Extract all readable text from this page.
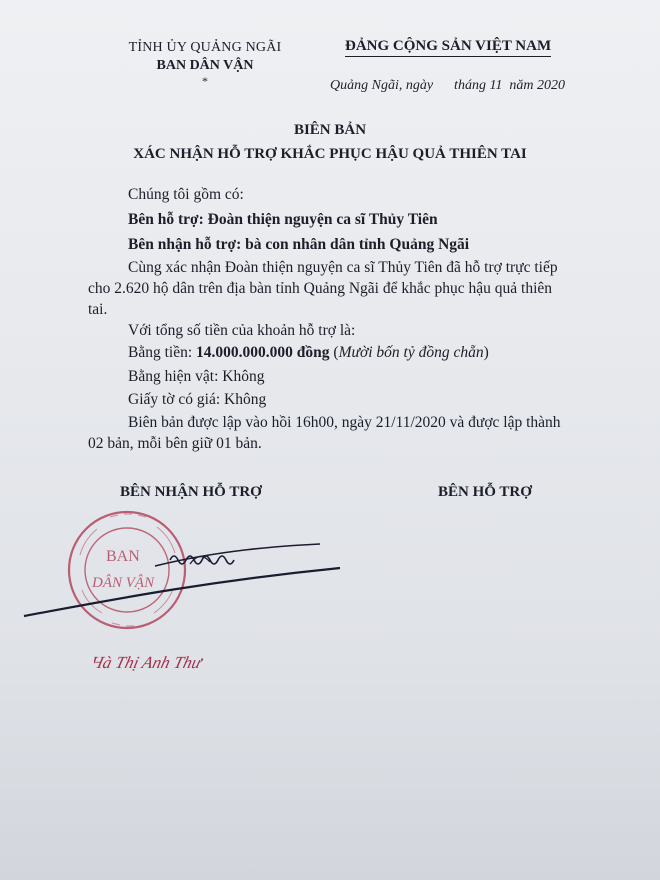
TỈNH ỦY QUẢNG NGÃI
BAN DÂN VẬN
*
ĐẢNG CỘNG SẢN VIỆT NAM
Quảng Ngãi, ngày      tháng 11  năm 2020
BIÊN BẢN
XÁC NHẬN HỖ TRỢ KHẮC PHỤC HẬU QUẢ THIÊN TAI
Chúng tôi gồm có:
Bên hỗ trợ: Đoàn thiện nguyện ca sĩ Thủy Tiên
Bên nhận hỗ trợ: bà con nhân dân tỉnh Quảng Ngãi
Cùng xác nhận Đoàn thiện nguyện ca sĩ Thủy Tiên đã hỗ trợ trực tiếp
cho 2.620 hộ dân trên địa bàn tỉnh Quảng Ngãi để khắc phục hậu quả thiên
tai.
Với tổng số tiền của khoản hỗ trợ là:
Bằng tiền: 14.000.000.000 đồng (Mười bốn tỷ đồng chẵn)
Bằng hiện vật: Không
Giấy tờ có giá: Không
Biên bản được lập vào hồi 16h00, ngày 21/11/2020 và được lập thành
02 bản, mỗi bên giữ 01 bản.
BÊN NHẬN HỖ TRỢ	BÊN HỖ TRỢ
BAN
DÂN VẬN
Hà Thị Anh Thư
